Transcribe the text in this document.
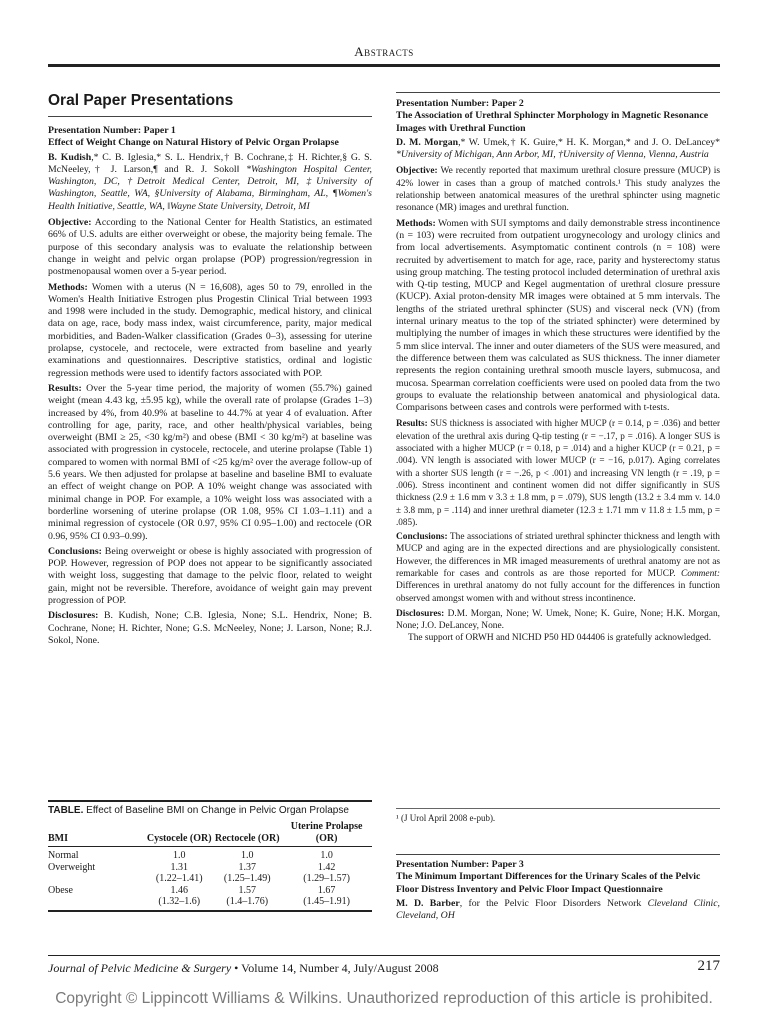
Abstracts
Oral Paper Presentations
Presentation Number: Paper 1
Effect of Weight Change on Natural History of Pelvic Organ Prolapse
B. Kudish,* C. B. Iglesia,* S. L. Hendrix,† B. Cochrane,‡ H. Richter,§ G. S. McNeeley,† J. Larson,¶ and R. J. Sokol‖ *Washington Hospital Center, Washington, DC, †Detroit Medical Center, Detroit, MI, ‡University of Washington, Seattle, WA, §University of Alabama, Birmingham, AL, ¶Women's Health Initiative, Seattle, WA, ‖Wayne State University, Detroit, MI
Objective: According to the National Center for Health Statistics, an estimated 66% of U.S. adults are either overweight or obese, the majority being female. The purpose of this secondary analysis was to evaluate the relationship between change in weight and pelvic organ prolapse (POP) progression/regression in postmenopausal women over a 5-year period.
Methods: Women with a uterus (N = 16,608), ages 50 to 79, enrolled in the Women's Health Initiative Estrogen plus Progestin Clinical Trial between 1993 and 1998 were included in the study. Demographic, medical history, and clinical data on age, race, body mass index, waist circumference, parity, major medical morbidities, and Baden-Walker classification (Grades 0–3), assessing for uterine prolapse, cystocele, and rectocele, were extracted from baseline and yearly examinations and questionnaires. Descriptive statistics, ordinal and logistic regression methods were used to identify factors associated with POP.
Results: Over the 5-year time period, the majority of women (55.7%) gained weight (mean 4.43 kg, ±5.95 kg), while the overall rate of prolapse (Grades 1–3) increased by 4%, from 40.9% at baseline to 44.7% at year 4 of evaluation. After controlling for age, parity, race, and other health/physical variables, being overweight (BMI ≥ 25, <30 kg/m²) and obese (BMI < 30 kg/m²) at baseline was associated with progression in cystocele, rectocele, and uterine prolapse (Table 1) compared to women with normal BMI of <25 kg/m² over the average follow-up of 5.6 years. We then adjusted for prolapse at baseline and baseline BMI to evaluate an effect of weight change on POP. A 10% weight change was associated with minimal change in POP. For example, a 10% weight loss was associated with a borderline worsening of uterine prolapse (OR 1.08, 95% CI 1.03–1.11) and a minimal regression of cystocele (OR 0.97, 95% CI 0.95–1.00) and rectocele (OR 0.96, 95% CI 0.93–0.99).
Conclusions: Being overweight or obese is highly associated with progression of POP. However, regression of POP does not appear to be significantly associated with weight loss, suggesting that damage to the pelvic floor, related to weight gain, might not be reversible. Therefore, avoidance of weight gain may prevent progression of POP.
Disclosures: B. Kudish, None; C.B. Iglesia, None; S.L. Hendrix, None; B. Cochrane, None; H. Richter, None; G.S. McNeeley, None; J. Larson, None; R.J. Sokol, None.
TABLE. Effect of Baseline BMI on Change in Pelvic Organ Prolapse
BMI	Cystocele (OR)	Rectocele (OR)	Uterine Prolapse (OR)
Normal	1.0	1.0	1.0
Overweight	1.31	1.37	1.42
	(1.22–1.41)	(1.25–1.49)	(1.29–1.57)
Obese	1.46	1.57	1.67
	(1.32–1.6)	(1.4–1.76)	(1.45–1.91)
Presentation Number: Paper 2
The Association of Urethral Sphincter Morphology in Magnetic Resonance Images with Urethral Function
D. M. Morgan,* W. Umek,† K. Guire,* H. K. Morgan,* and J. O. DeLancey* *University of Michigan, Ann Arbor, MI, †University of Vienna, Vienna, Austria
Objective: We recently reported that maximum urethral closure pressure (MUCP) is 42% lower in cases than a group of matched controls.¹ This study analyzes the relationship between anatomical measures of the urethral sphincter using magnetic resonance (MR) images and urethral function.
Methods: Women with SUI symptoms and daily demonstrable stress incontinence (n = 103) were recruited from outpatient urogynecology and urology clinics and from local advertisements. Asymptomatic continent controls (n = 108) were recruited by advertisement to match for age, race, parity and hysterectomy status using group matching. The testing protocol included determination of urethral axis with Q-tip testing, MUCP and Kegel augmentation of urethral closure pressure (KUCP). Axial proton-density MR images were obtained at 5 mm intervals. The lengths of the striated urethral sphincter (SUS) and visceral neck (VN) (from internal urinary meatus to the top of the striated sphincter) were determined by multiplying the number of images in which these structures were identified by the 5 mm slice interval. The inner and outer diameters of the SUS were measured, and the difference between them was calculated as SUS thickness. The inner diameter represents the region containing urethral smooth muscle layers, submucosa, and mucosa. Spearman correlation coefficients were used on pooled data from the two groups to evaluate the relationship between anatomical and physiological data. Comparisons between cases and controls were performed with t-tests.
Results: SUS thickness is associated with higher MUCP (r = 0.14, p = .036) and better elevation of the urethral axis during Q-tip testing (r = −.17, p = .016). A longer SUS is associated with a higher MUCP (r = 0.18, p = .014) and a higher KUCP (r = 0.21, p = .004). VN length is associated with lower MUCP (r = −16, p.017). Aging correlates with a shorter SUS length (r = −.26, p < .001) and increasing VN length (r = .19, p = .006). Stress incontinent and continent women did not differ significantly in SUS thickness (2.9 ± 1.6 mm v 3.3 ± 1.8 mm, p = .079), SUS length (13.2 ± 3.4 mm v. 14.0 ± 3.8 mm, p = .114) and inner urethral diameter (12.3 ± 1.71 mm v 11.8 ± 1.5 mm, p = .085).
Conclusions: The associations of striated urethral sphincter thickness and length with MUCP and aging are in the expected directions and are physiologically consistent. However, the differences in MR imaged measurements of urethral anatomy are not as remarkable for cases and controls as are those reported for MUCP. Comment: Differences in urethral anatomy do not fully account for the differences in function observed amongst women with and without stress incontinence.
Disclosures: D.M. Morgan, None; W. Umek, None; K. Guire, None; H.K. Morgan, None; J.O. DeLancey, None.
The support of ORWH and NICHD P50 HD 044406 is gratefully acknowledged.
¹ (J Urol April 2008 e-pub).
Presentation Number: Paper 3
The Minimum Important Differences for the Urinary Scales of the Pelvic Floor Distress Inventory and Pelvic Floor Impact Questionnaire
M. D. Barber, for the Pelvic Floor Disorders Network Cleveland Clinic, Cleveland, OH
Journal of Pelvic Medicine & Surgery • Volume 14, Number 4, July/August 2008	217
Copyright © Lippincott Williams & Wilkins. Unauthorized reproduction of this article is prohibited.
